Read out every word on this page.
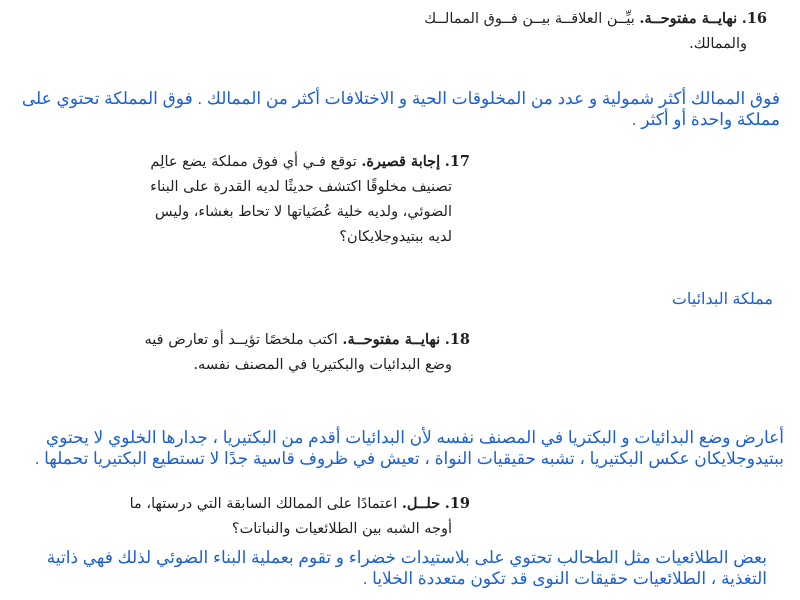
16. نهايــة مفتوحــة. بيِّــن العلاقــة بيــن فــوق الممالــك
والممالك.
فوق الممالك أكثر شمولية و عدد من المخلوقات الحية و الاختلافات أكثر من الممالك . فوق المملكة تحتوي على
مملكة واحدة أو أكثر .
17. إجابة قصيرة. توقع فـي أي فوق مملكة يضع عالِم
تصنيف مخلوقًا اكتشف حديثًا لديه القدرة على البناء
الضوئي، ولديه خلية عُضَياتها لا تحاط بغشاء، وليس
لديه ببتيدوجلايكان؟
مملكة البدائيات
18. نهايــة مفتوحــة. اكتب ملخصًا تؤيــد أو تعارض فيه
وضع البدائيات والبكتيريا في المصنف نفسه.
أعارض وضع البدائيات و البكتريا في المصنف نفسه لأن البدائيات أقدم من البكتيريا ، جدارها الخلوي لا يحتوي
ببتيدوجلايكان عكس البكتيريا ، تشبه حقيقيات النواة ، تعيش في ظروف قاسية جدًا لا تستطيع البكتيريا تحملها .
19. حلــل. اعتمادًا على الممالك السابقة التي درستها، ما
أوجه الشبه بين الطلائعيات والنباتات؟
بعض الطلائعيات مثل الطحالب تحتوي على بلاستيدات خضراء و تقوم بعملية البناء الضوئي لذلك فهي ذاتية
التغذية ، الطلائعيات حقيقات النوى قد تكون متعددة الخلايا .
